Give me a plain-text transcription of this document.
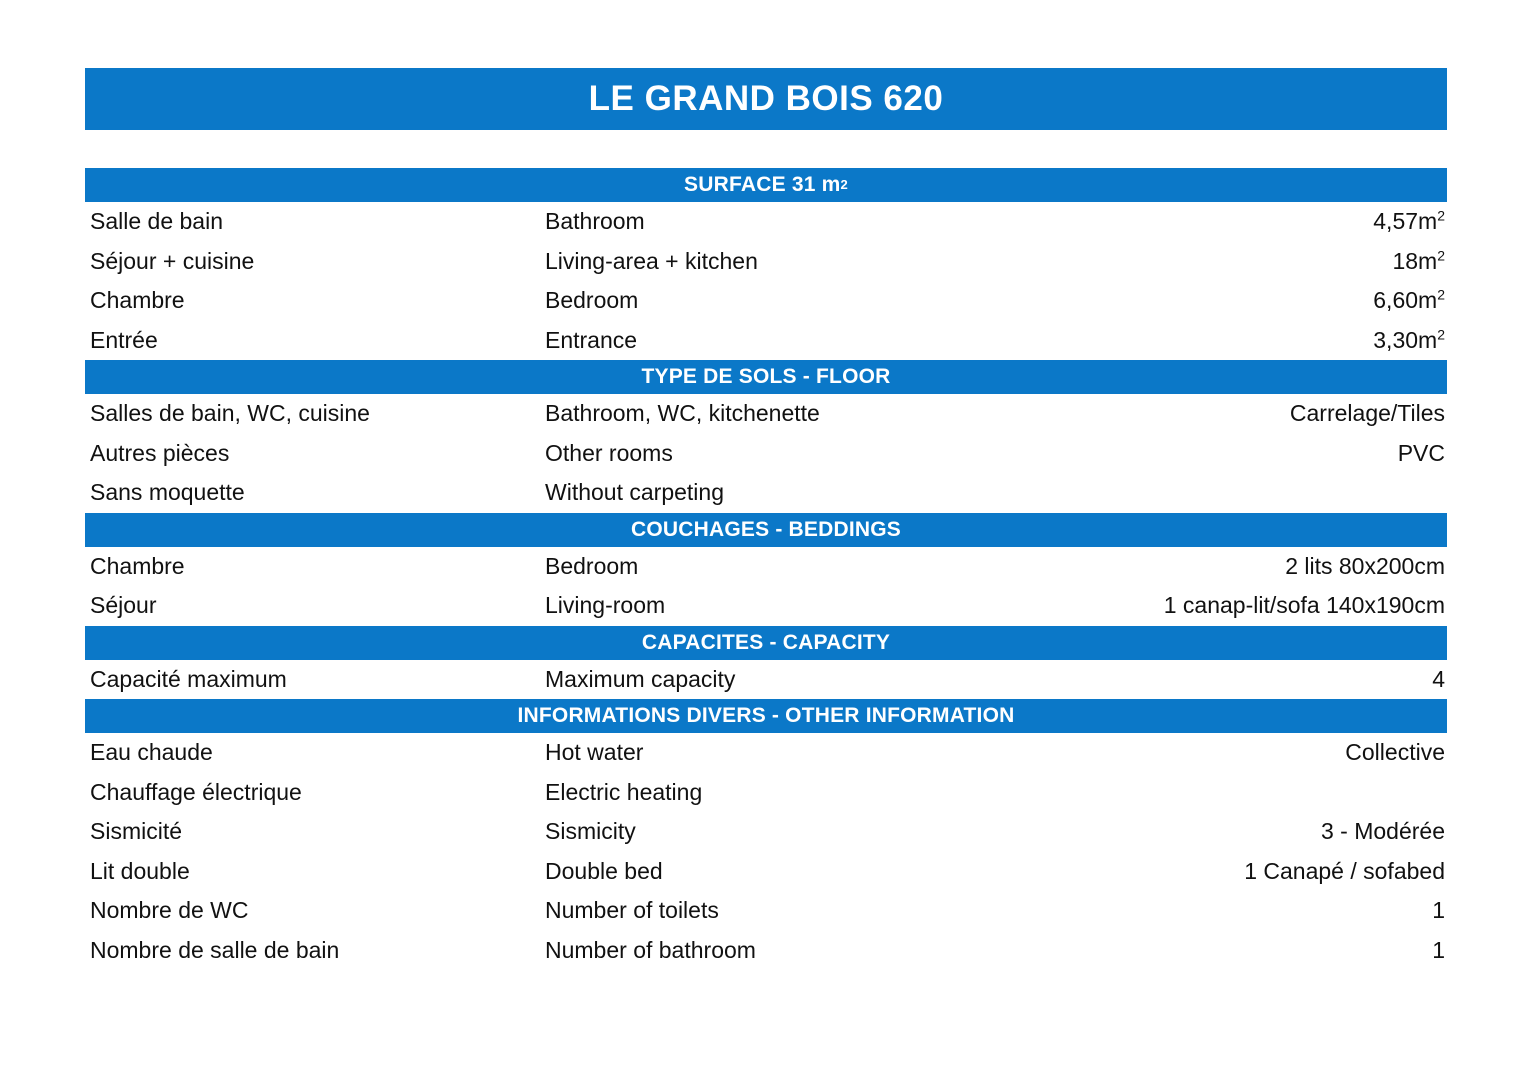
LE GRAND BOIS 620
SURFACE 31 m 2
Salle de bain	Bathroom	$4,57m^2$
Séjour + cuisine	Living-area + kitchen	$18m^2$
Chambre	Bedroom	$6,60m^2$
Entrée	Entrance	$3,30m^2$
TYPE DE SOLS - FLOOR
Salles de bain, WC, cuisine	Bathroom, WC, kitchenette	Carrelage/Tiles
Autres pièces	Other rooms	PVC
Sans moquette	Without carpeting
COUCHAGES - BEDDINGS
Chambre	Bedroom	2 lits 80x200cm
Séjour	Living-room	1 canap-lit/sofa 140x190cm
CAPACITES - CAPACITY
Capacité maximum	Maximum capacity	4
INFORMATIONS DIVERS - OTHER INFORMATION
Eau chaude	Hot water	Collective
Chauffage électrique	Electric heating
Sismicité	Sismicity	3 - Modérée
Lit double	Double bed	1 Canapé / sofabed
Nombre de WC	Number of toilets	1
Nombre de salle de bain	Number of bathroom	1
